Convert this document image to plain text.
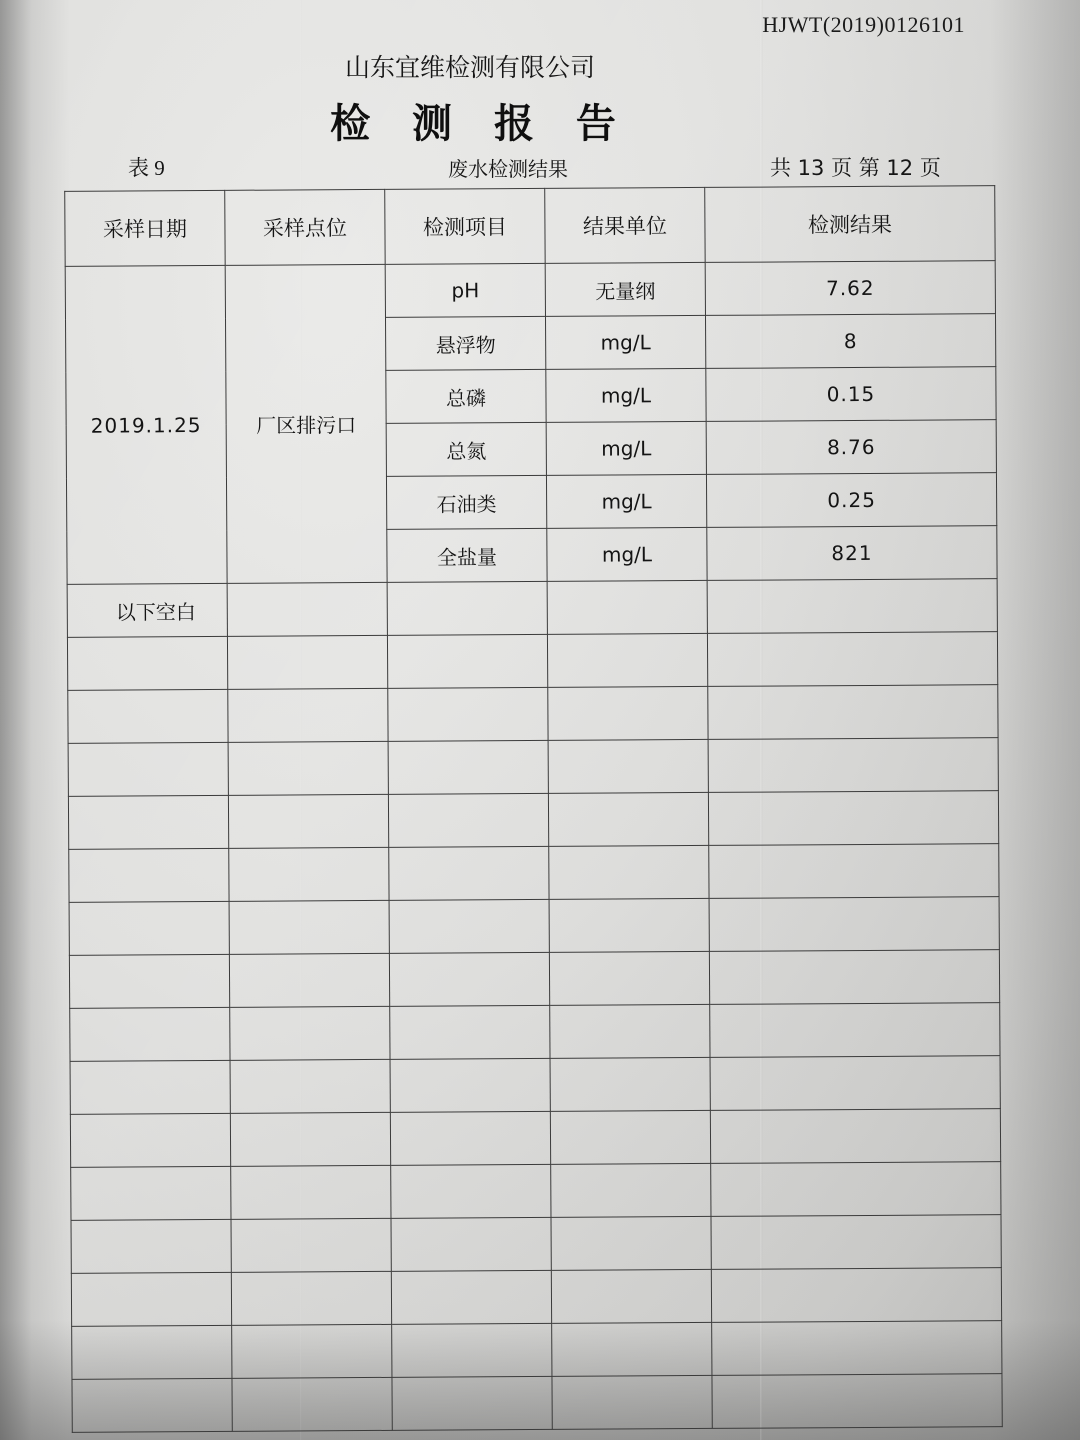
HJWT(2019)0126101
山东宜维检测有限公司
检 测 报 告
表 9	废水检测结果	共 13 页 第 12 页
采样日期	采样点位	检测项目	结果单位	检测结果
2019.1.25	厂区排污口	pH	无量纲	7.62
		悬浮物	mg/L	8
		总磷	mg/L	0.15
		总氮	mg/L	8.76
		石油类	mg/L	0.25
		全盐量	mg/L	821
以下空白				
